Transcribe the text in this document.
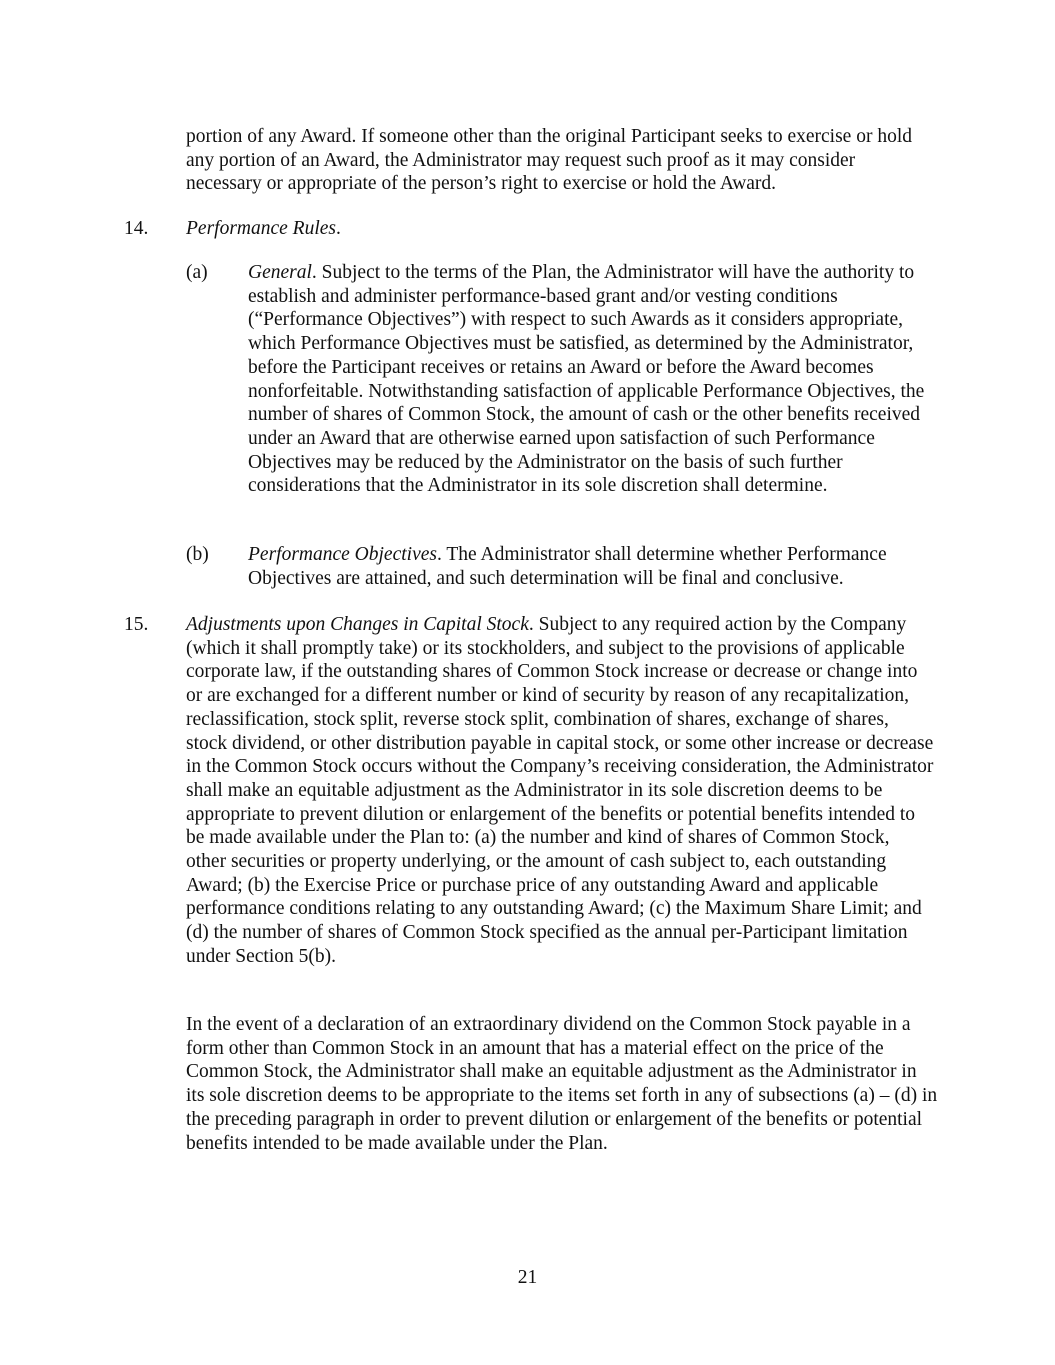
portion of any Award. If someone other than the original Participant seeks to exercise or hold any portion of an Award, the Administrator may request such proof as it may consider necessary or appropriate of the person’s right to exercise or hold the Award.

14. Performance Rules.

(a) General. Subject to the terms of the Plan, the Administrator will have the authority to establish and administer performance-based grant and/or vesting conditions (“Performance Objectives”) with respect to such Awards as it considers appropriate, which Performance Objectives must be satisfied, as determined by the Administrator, before the Participant receives or retains an Award or before the Award becomes nonforfeitable. Notwithstanding satisfaction of applicable Performance Objectives, the number of shares of Common Stock, the amount of cash or the other benefits received under an Award that are otherwise earned upon satisfaction of such Performance Objectives may be reduced by the Administrator on the basis of such further considerations that the Administrator in its sole discretion shall determine.

(b) Performance Objectives. The Administrator shall determine whether Performance Objectives are attained, and such determination will be final and conclusive.

15. Adjustments upon Changes in Capital Stock. Subject to any required action by the Company (which it shall promptly take) or its stockholders, and subject to the provisions of applicable corporate law, if the outstanding shares of Common Stock increase or decrease or change into or are exchanged for a different number or kind of security by reason of any recapitalization, reclassification, stock split, reverse stock split, combination of shares, exchange of shares, stock dividend, or other distribution payable in capital stock, or some other increase or decrease in the Common Stock occurs without the Company’s receiving consideration, the Administrator shall make an equitable adjustment as the Administrator in its sole discretion deems to be appropriate to prevent dilution or enlargement of the benefits or potential benefits intended to be made available under the Plan to: (a) the number and kind of shares of Common Stock, other securities or property underlying, or the amount of cash subject to, each outstanding Award; (b) the Exercise Price or purchase price of any outstanding Award and applicable performance conditions relating to any outstanding Award; (c) the Maximum Share Limit; and (d) the number of shares of Common Stock specified as the annual per-Participant limitation under Section 5(b).

In the event of a declaration of an extraordinary dividend on the Common Stock payable in a form other than Common Stock in an amount that has a material effect on the price of the Common Stock, the Administrator shall make an equitable adjustment as the Administrator in its sole discretion deems to be appropriate to the items set forth in any of subsections (a) – (d) in the preceding paragraph in order to prevent dilution or enlargement of the benefits or potential benefits intended to be made available under the Plan.

21
